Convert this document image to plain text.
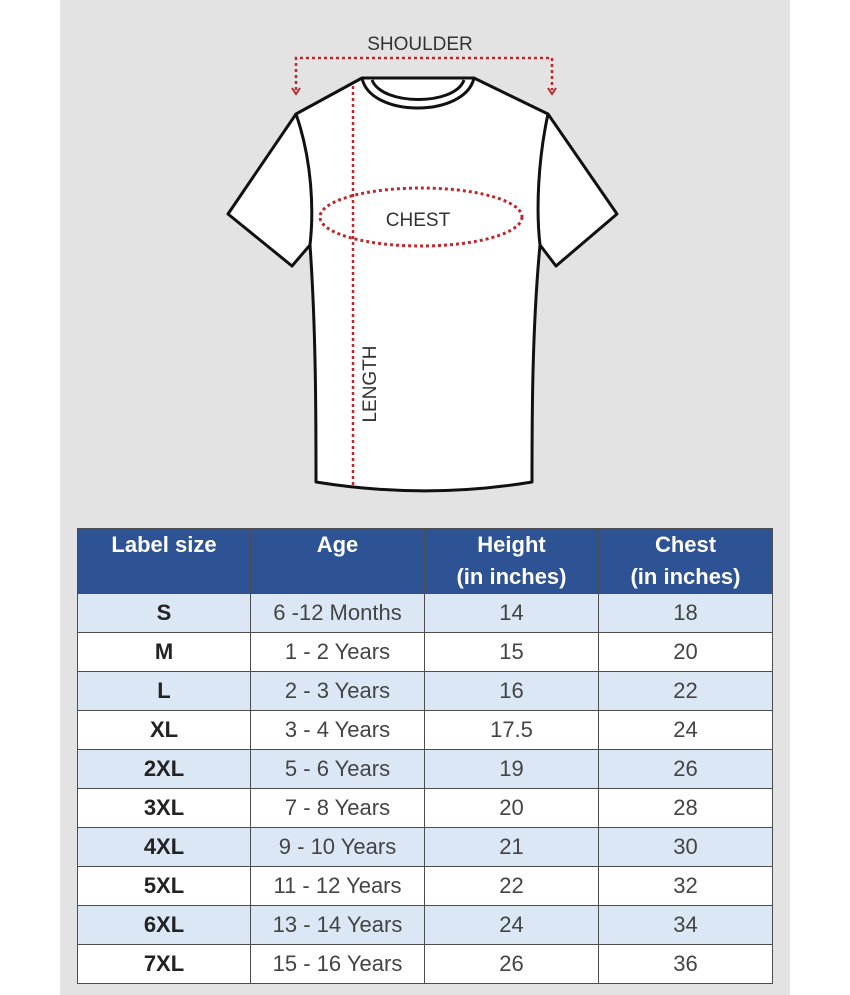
SHOULDER
CHEST
LENGTH
Label size	Age	Height	Chest
		(in inches)	(in inches)
S	6 -12 Months	14	18
M	1 - 2 Years	15	20
L	2 - 3 Years	16	22
XL	3 - 4 Years	17.5	24
2XL	5 - 6 Years	19	26
3XL	7 - 8 Years	20	28
4XL	9 - 10 Years	21	30
5XL	11 - 12 Years	22	32
6XL	13 - 14 Years	24	34
7XL	15 - 16 Years	26	36
